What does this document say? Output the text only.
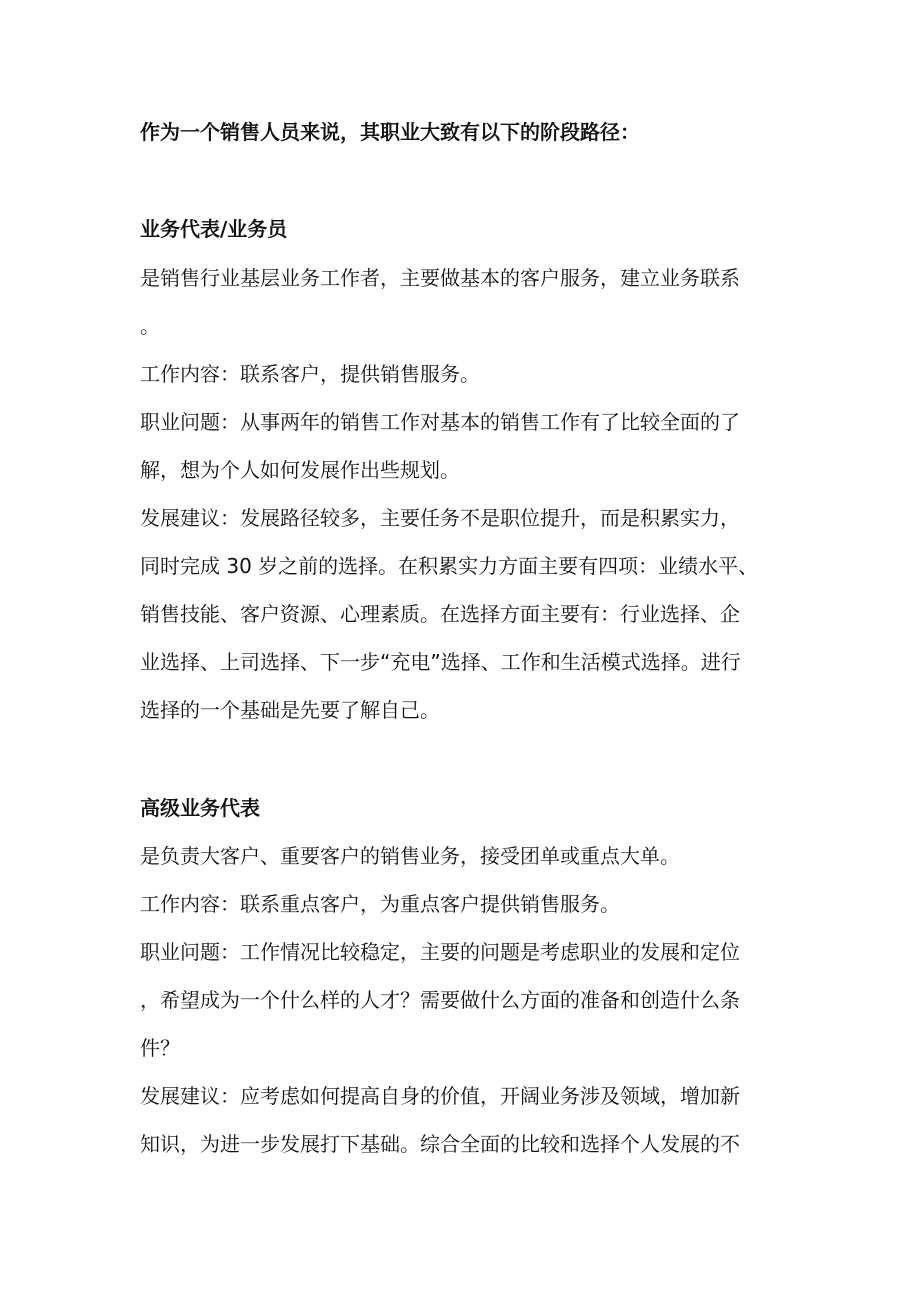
作为一个销售人员来说，其职业大致有以下的阶段路径：
业务代表/业务员
是销售行业基层业务工作者，主要做基本的客户服务，建立业务联系
。
工作内容：联系客户，提供销售服务。
职业问题：从事两年的销售工作对基本的销售工作有了比较全面的了
解，想为个人如何发展作出些规划。
发展建议：发展路径较多，主要任务不是职位提升，而是积累实力，
同时完成 30 岁之前的选择。在积累实力方面主要有四项：业绩水平、
销售技能、客户资源、心理素质。在选择方面主要有：行业选择、企
业选择、上司选择、下一步“充电”选择、工作和生活模式选择。进行
选择的一个基础是先要了解自己。
高级业务代表
是负责大客户、重要客户的销售业务，接受团单或重点大单。
工作内容：联系重点客户，为重点客户提供销售服务。
职业问题：工作情况比较稳定，主要的问题是考虑职业的发展和定位
，希望成为一个什么样的人才？需要做什么方面的准备和创造什么条
件？
发展建议：应考虑如何提高自身的价值，开阔业务涉及领域，增加新
知识，为进一步发展打下基础。综合全面的比较和选择个人发展的不
